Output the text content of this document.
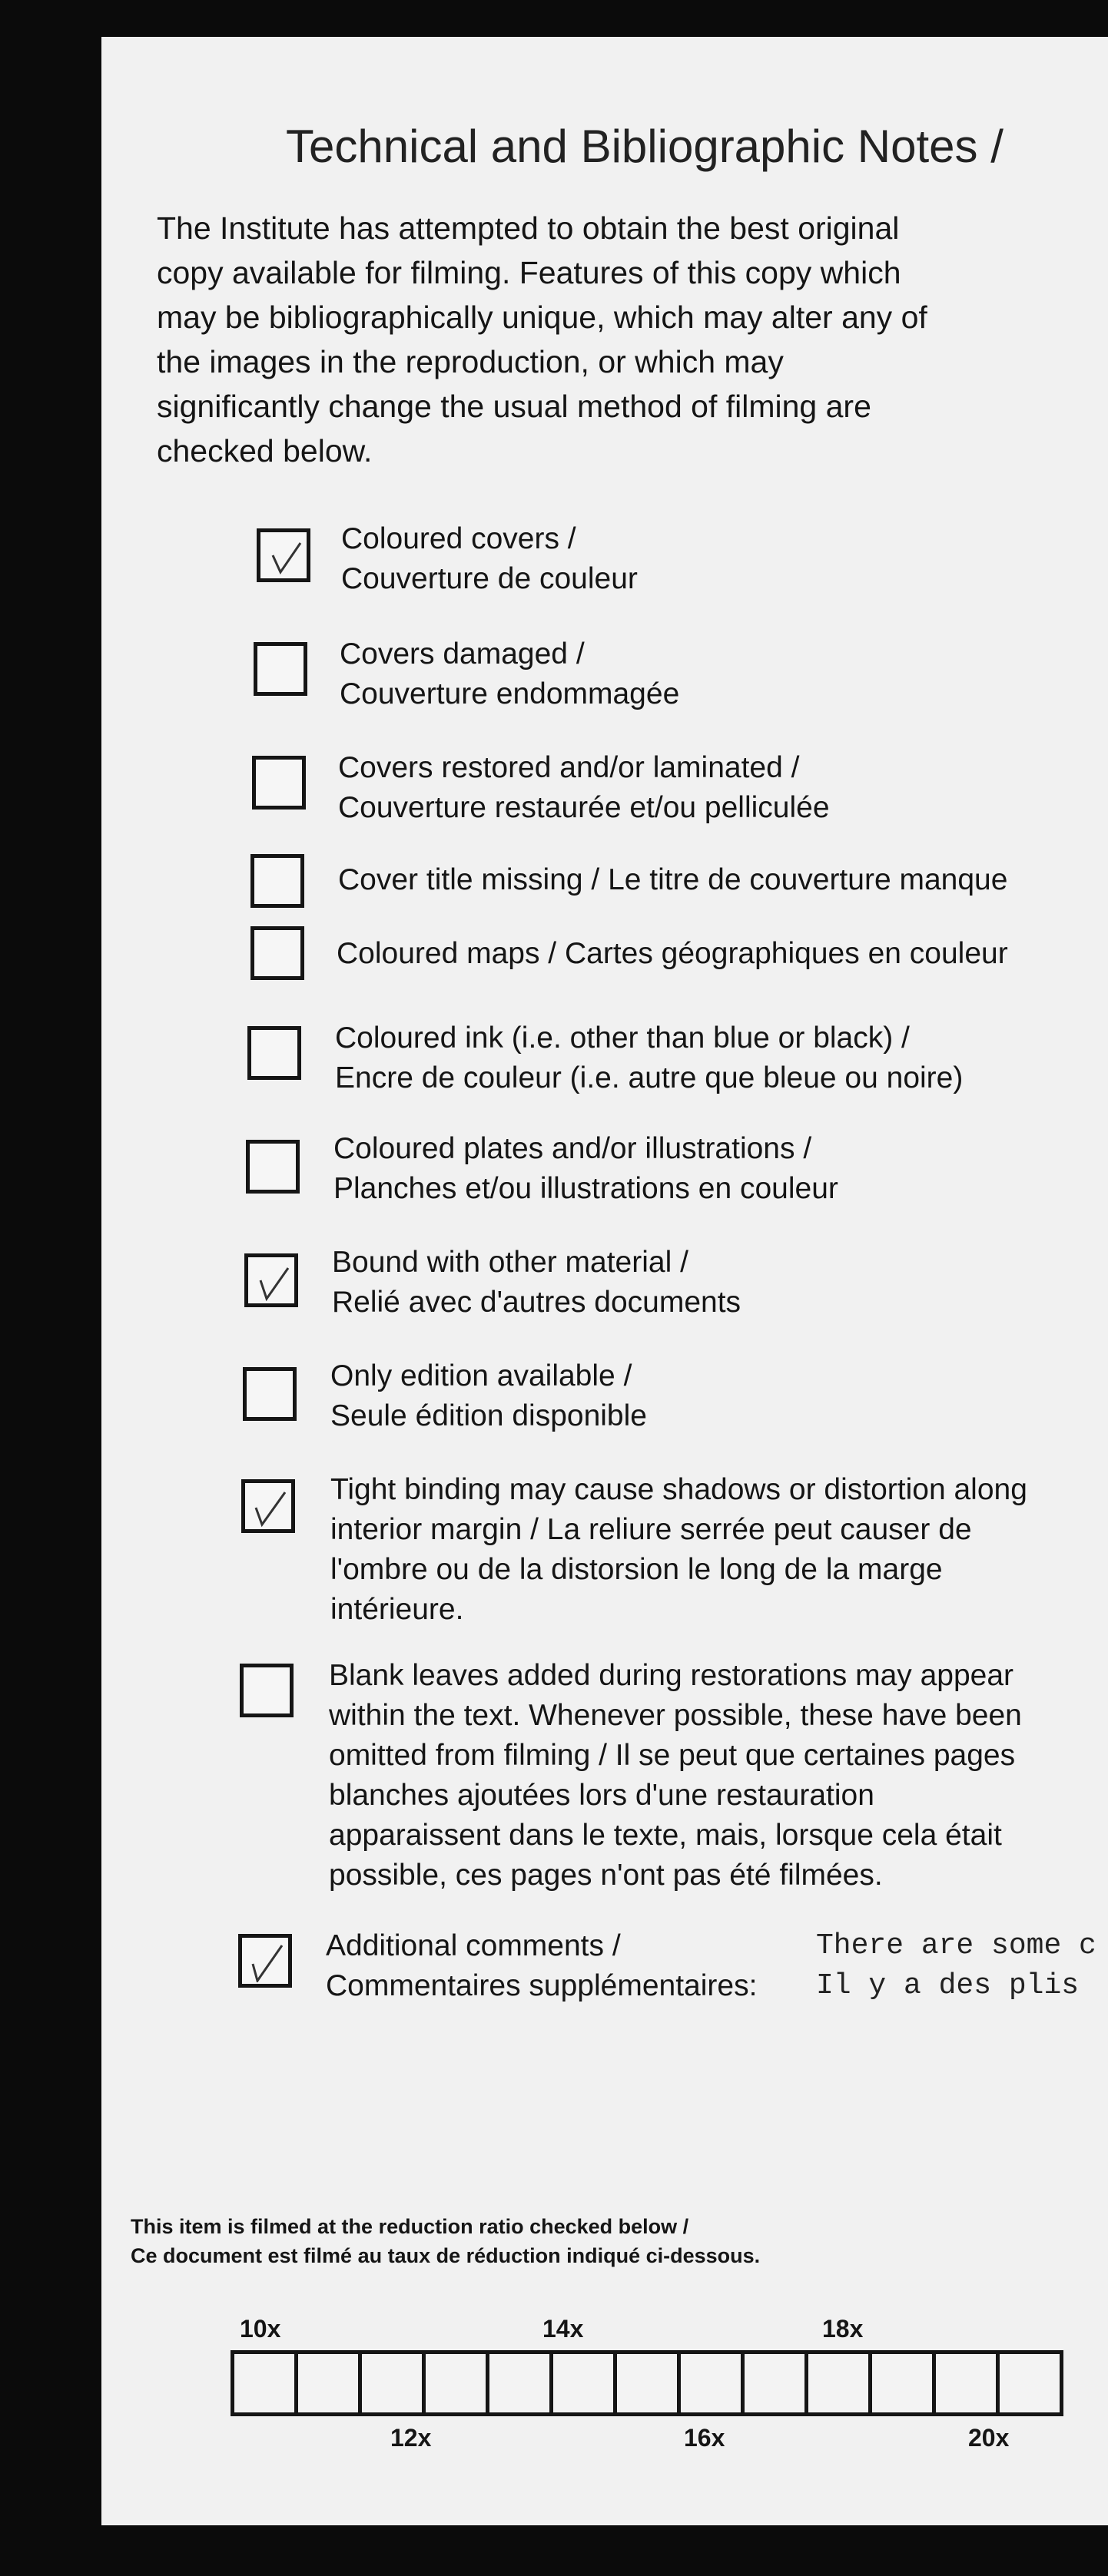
Technical and Bibliographic Notes /
The Institute has attempted to obtain the best original
copy available for filming. Features of this copy which
may be bibliographically unique, which may alter any of
the images in the reproduction, or which may
significantly change the usual method of filming are
checked below.
Coloured covers /
Couverture de couleur
Covers damaged /
Couverture endommagée
Covers restored and/or laminated /
Couverture restaurée et/ou pelliculée
Cover title missing / Le titre de couverture manque
Coloured maps / Cartes géographiques en couleur
Coloured ink (i.e. other than blue or black) /
Encre de couleur (i.e. autre que bleue ou noire)
Coloured plates and/or illustrations /
Planches et/ou illustrations en couleur
Bound with other material /
Relié avec d'autres documents
Only edition available /
Seule édition disponible
Tight binding may cause shadows or distortion along
interior margin / La reliure serrée peut causer de
l'ombre ou de la distorsion le long de la marge
intérieure.
Blank leaves added during restorations may appear
within the text. Whenever possible, these have been
omitted from filming / Il se peut que certaines pages
blanches ajoutées lors d'une restauration
apparaissent dans le texte, mais, lorsque cela était
possible, ces pages n'ont pas été filmées.
Additional comments /
Commentaires supplémentaires:
There are some c
Il y a des plis
This item is filmed at the reduction ratio checked below /
Ce document est filmé au taux de réduction indiqué ci-dessous.
10x	14x	18x
12x	16x	20x
